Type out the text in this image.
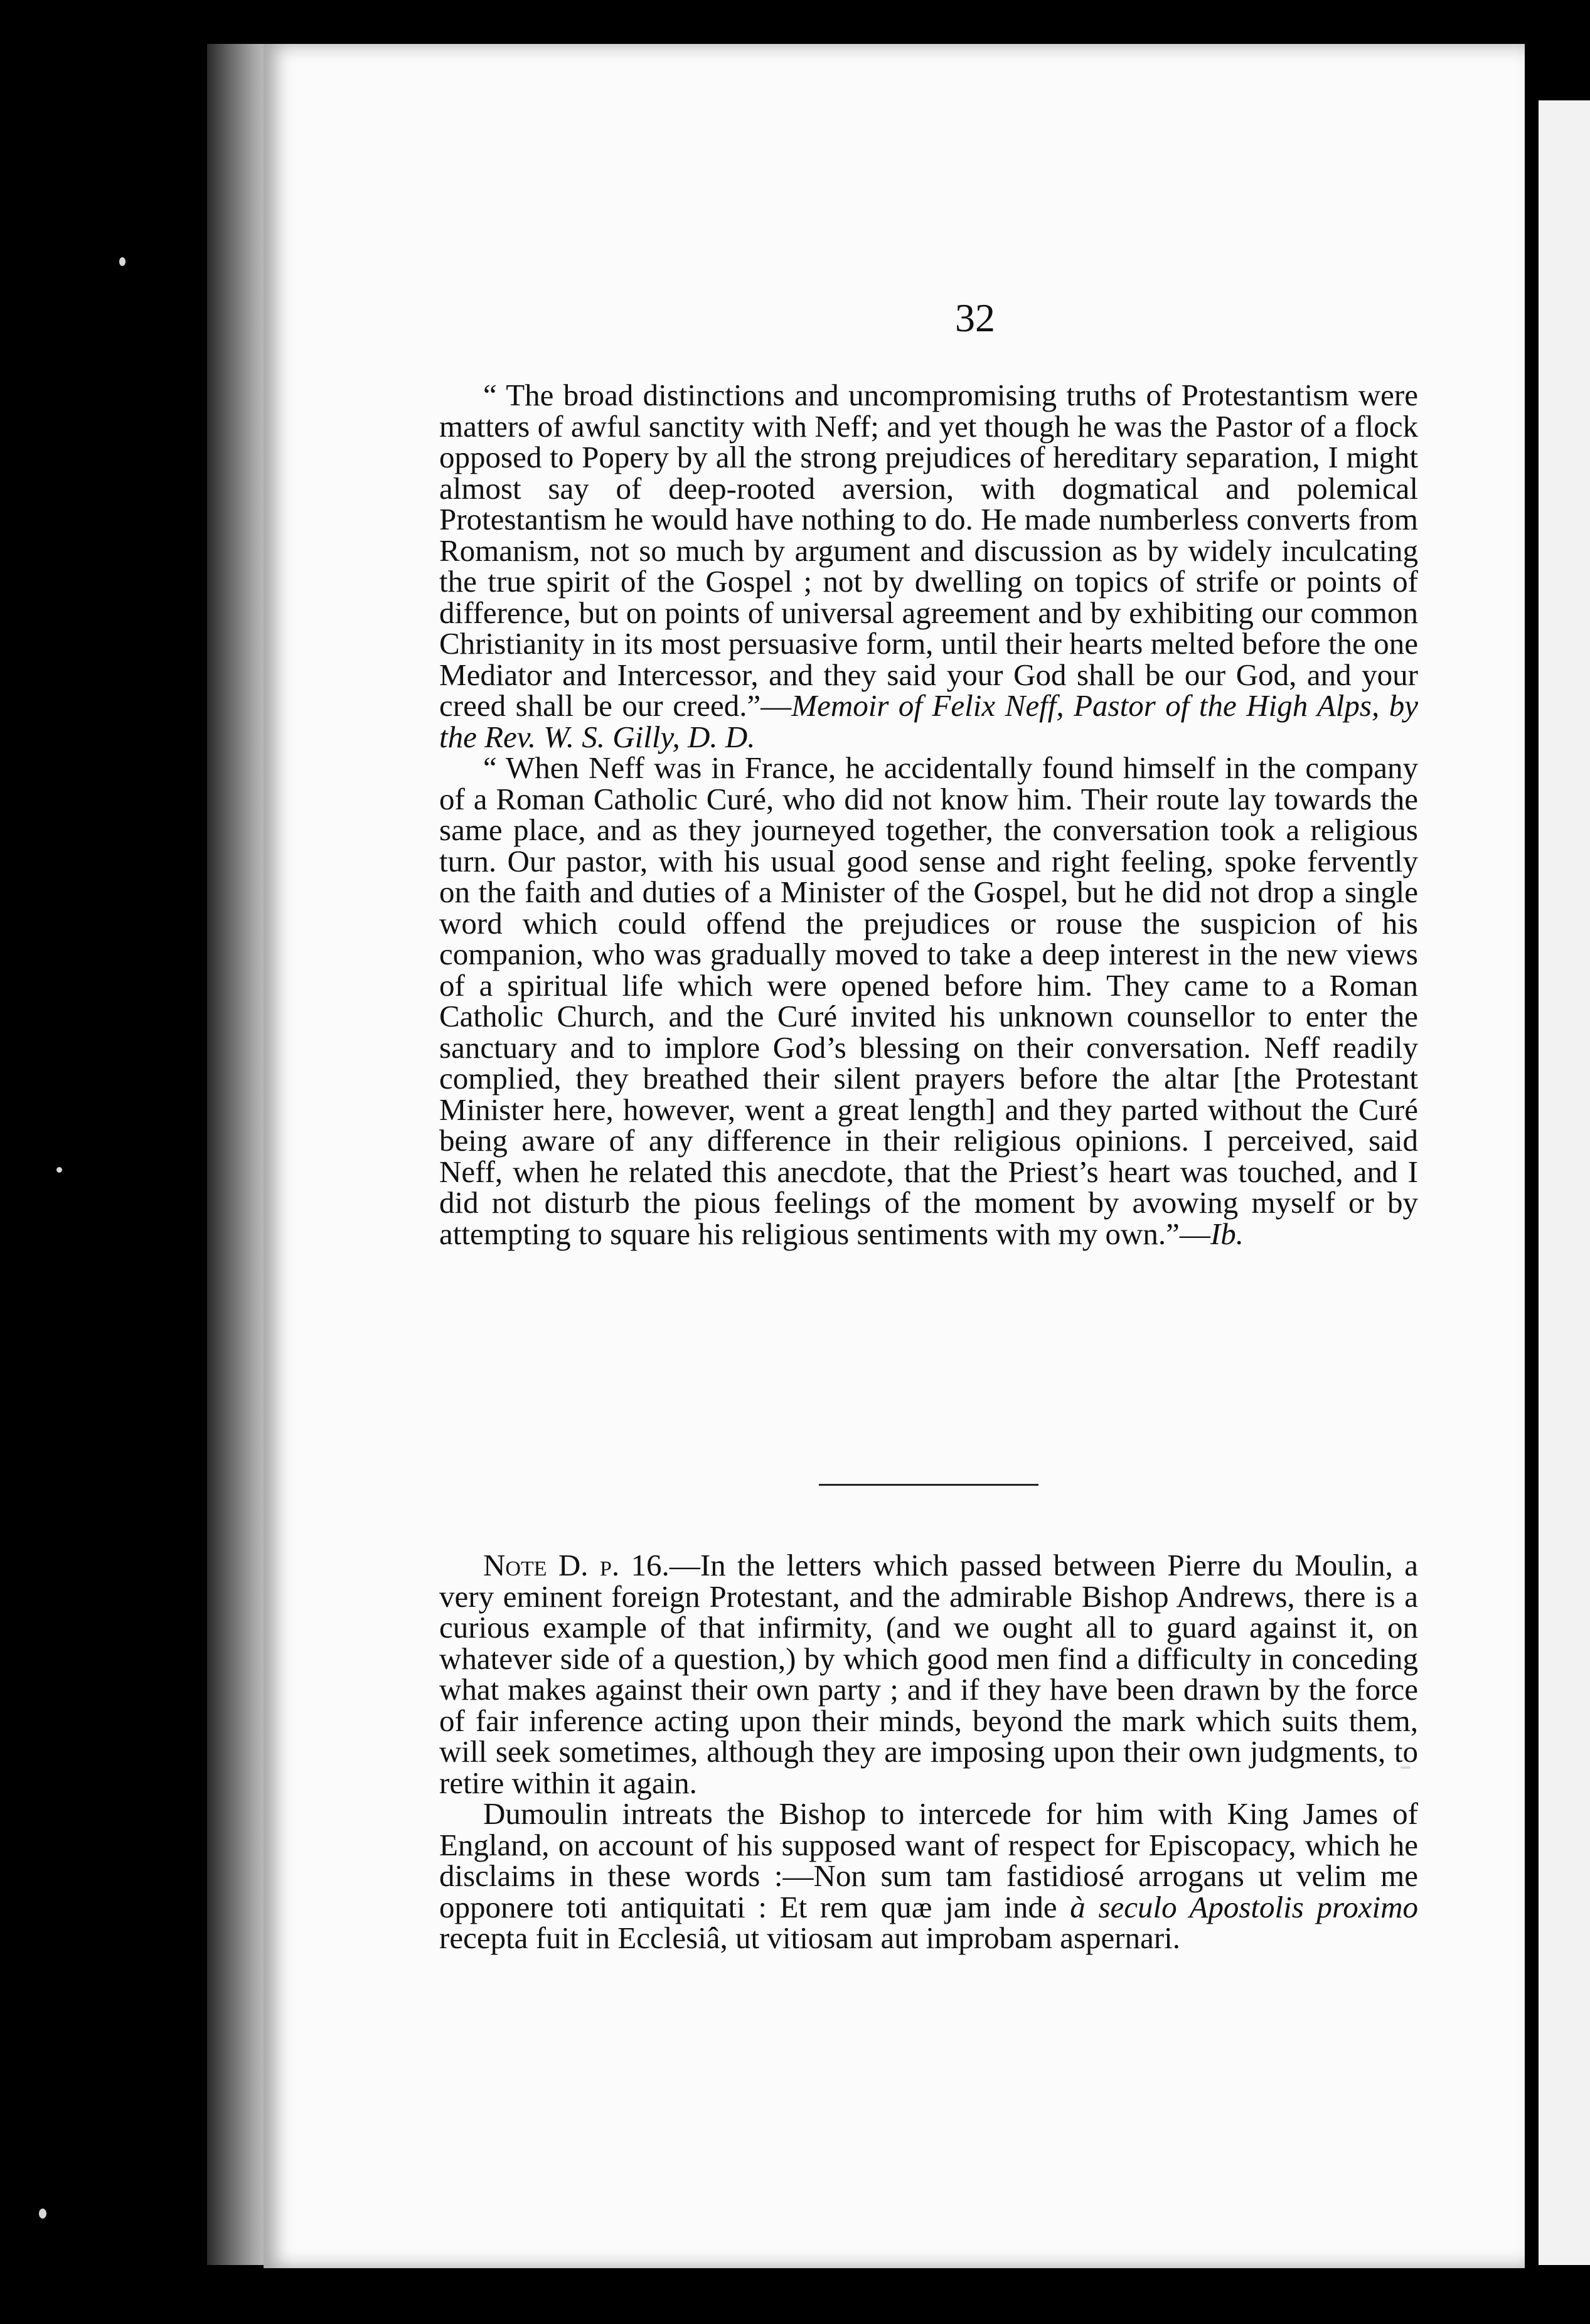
32

“ The broad distinctions and uncompromising truths of Protestantism were matters of awful sanctity with Neff; and yet though he was the Pastor of a flock opposed to Popery by all the strong prejudices of hereditary separation, I might almost say of deep-rooted aversion, with dogmatical and polemical Protestantism he would have nothing to do. He made numberless converts from Romanism, not so much by argument and discussion as by widely inculcating the true spirit of the Gospel ; not by dwelling on topics of strife or points of difference, but on points of universal agreement and by exhibiting our common Christianity in its most persuasive form, until their hearts melted before the one Mediator and Intercessor, and they said your God shall be our God, and your creed shall be our creed.”—Memoir of Felix Neff, Pastor of the High Alps, by the Rev. W. S. Gilly, D. D.

“ When Neff was in France, he accidentally found himself in the company of a Roman Catholic Curé, who did not know him. Their route lay towards the same place, and as they journeyed together, the conversation took a religious turn. Our pastor, with his usual good sense and right feeling, spoke fervently on the faith and duties of a Minister of the Gospel, but he did not drop a single word which could offend the prejudices or rouse the suspicion of his companion, who was gradually moved to take a deep interest in the new views of a spiritual life which were opened before him. They came to a Roman Catholic Church, and the Curé invited his unknown counsellor to enter the sanctuary and to implore God’s blessing on their conversation. Neff readily complied, they breathed their silent prayers before the altar [the Protestant Minister here, however, went a great length] and they parted without the Curé being aware of any difference in their religious opinions. I perceived, said Neff, when he related this anecdote, that the Priest’s heart was touched, and I did not disturb the pious feelings of the moment by avowing myself or by attempting to square his religious sentiments with my own.”—Ib.

Note D. p. 16.—In the letters which passed between Pierre du Moulin, a very eminent foreign Protestant, and the admirable Bishop Andrews, there is a curious example of that infirmity, (and we ought all to guard against it, on whatever side of a question,) by which good men find a difficulty in conceding what makes against their own party ; and if they have been drawn by the force of fair inference acting upon their minds, beyond the mark which suits them, will seek sometimes, although they are imposing upon their own judgments, to retire within it again.

Dumoulin intreats the Bishop to intercede for him with King James of England, on account of his supposed want of respect for Episcopacy, which he disclaims in these words :—Non sum tam fastidiosé arrogans ut velim me opponere toti antiquitati : Et rem quæ jam inde à seculo Apostolis proximo recepta fuit in Ecclesiâ, ut vitiosam aut improbam aspernari.
